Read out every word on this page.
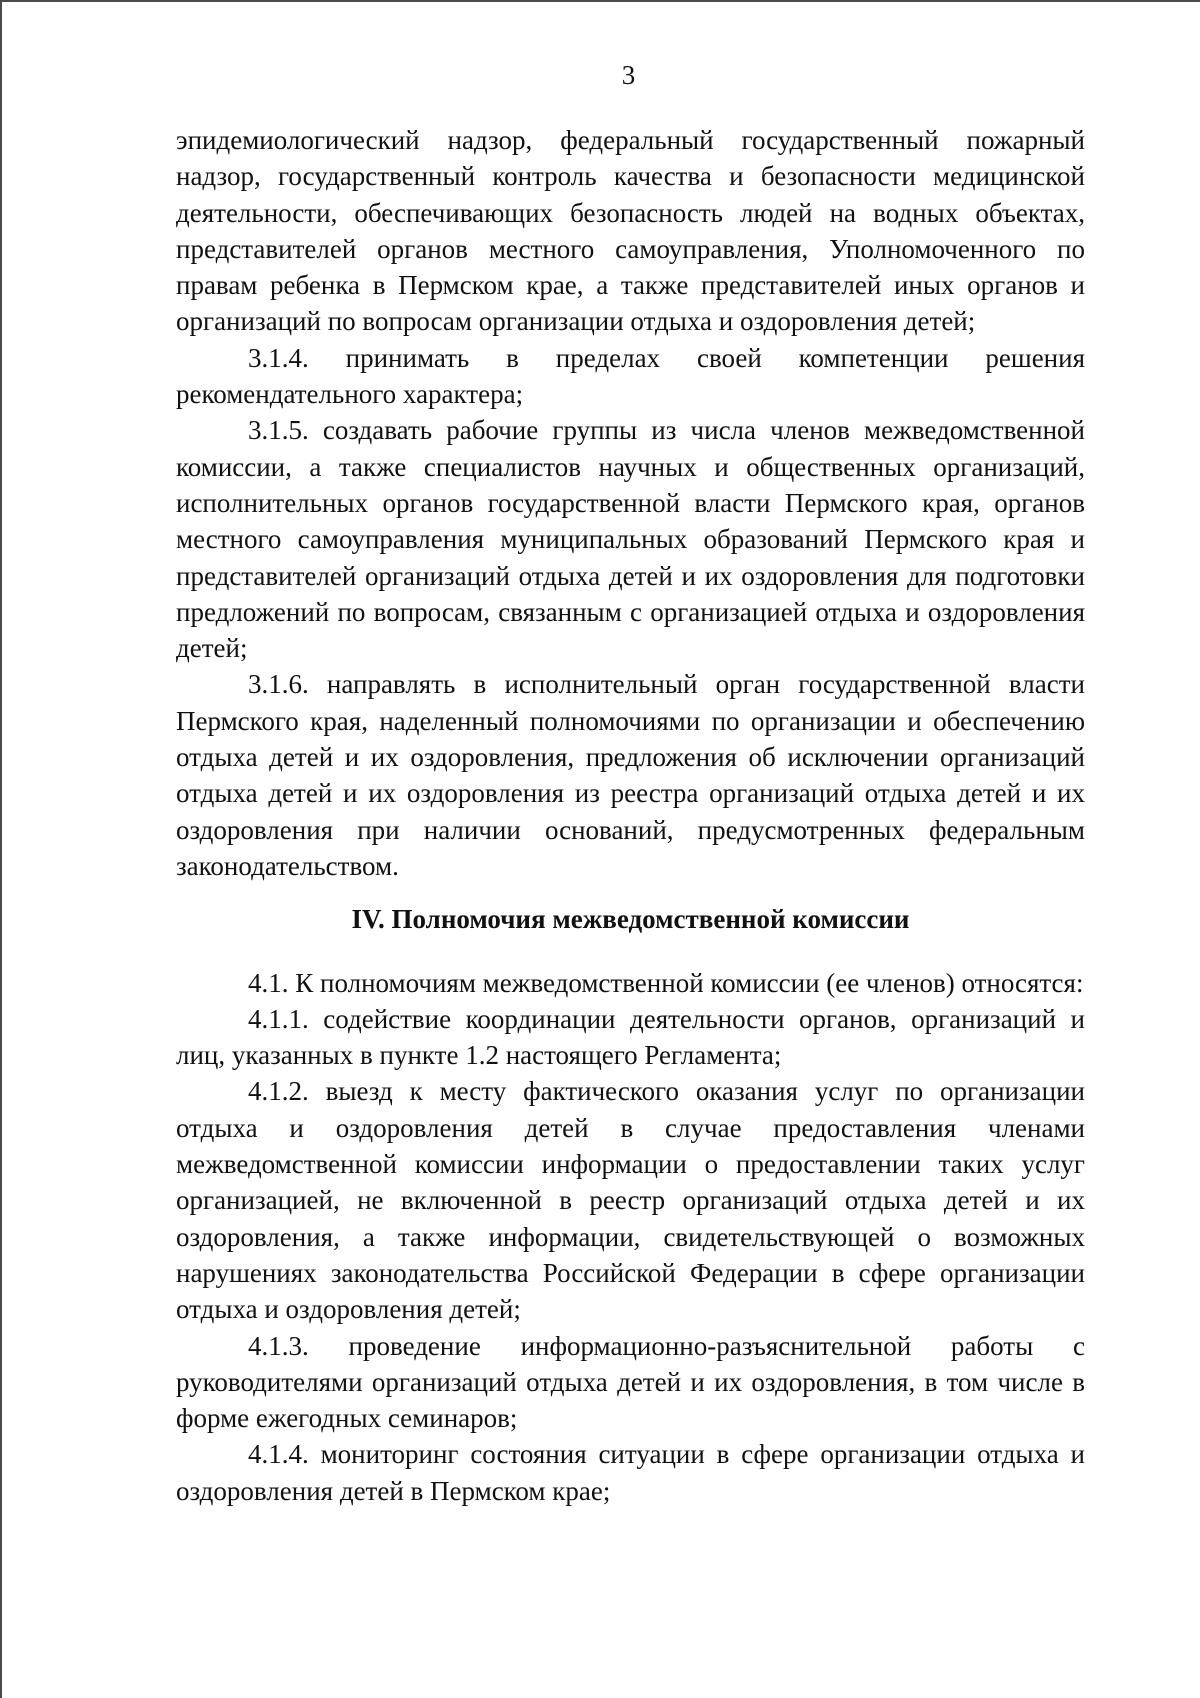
3

эпидемиологический надзор, федеральный государственный пожарный надзор, государственный контроль качества и безопасности медицинской деятельности, обеспечивающих безопасность людей на водных объектах, представителей органов местного самоуправления, Уполномоченного по правам ребенка в Пермском крае, а также представителей иных органов и организаций по вопросам организации отдыха и оздоровления детей;

3.1.4. принимать в пределах своей компетенции решения рекомендательного характера;

3.1.5. создавать рабочие группы из числа членов межведомственной комиссии, а также специалистов научных и общественных организаций, исполнительных органов государственной власти Пермского края, органов местного самоуправления муниципальных образований Пермского края и представителей организаций отдыха детей и их оздоровления для подготовки предложений по вопросам, связанным с организацией отдыха и оздоровления детей;

3.1.6. направлять в исполнительный орган государственной власти Пермского края, наделенный полномочиями по организации и обеспечению отдыха детей и их оздоровления, предложения об исключении организаций отдыха детей и их оздоровления из реестра организаций отдыха детей и их оздоровления при наличии оснований, предусмотренных федеральным законодательством.

IV. Полномочия межведомственной комиссии

4.1. К полномочиям межведомственной комиссии (ее членов) относятся:

4.1.1. содействие координации деятельности органов, организаций и лиц, указанных в пункте 1.2 настоящего Регламента;

4.1.2. выезд к месту фактического оказания услуг по организации отдыха и оздоровления детей в случае предоставления членами межведомственной комиссии информации о предоставлении таких услуг организацией, не включенной в реестр организаций отдыха детей и их оздоровления, а также информации, свидетельствующей о возможных нарушениях законодательства Российской Федерации в сфере организации отдыха и оздоровления детей;

4.1.3. проведение информационно-разъяснительной работы с руководителями организаций отдыха детей и их оздоровления, в том числе в форме ежегодных семинаров;

4.1.4. мониторинг состояния ситуации в сфере организации отдыха и оздоровления детей в Пермском крае;
